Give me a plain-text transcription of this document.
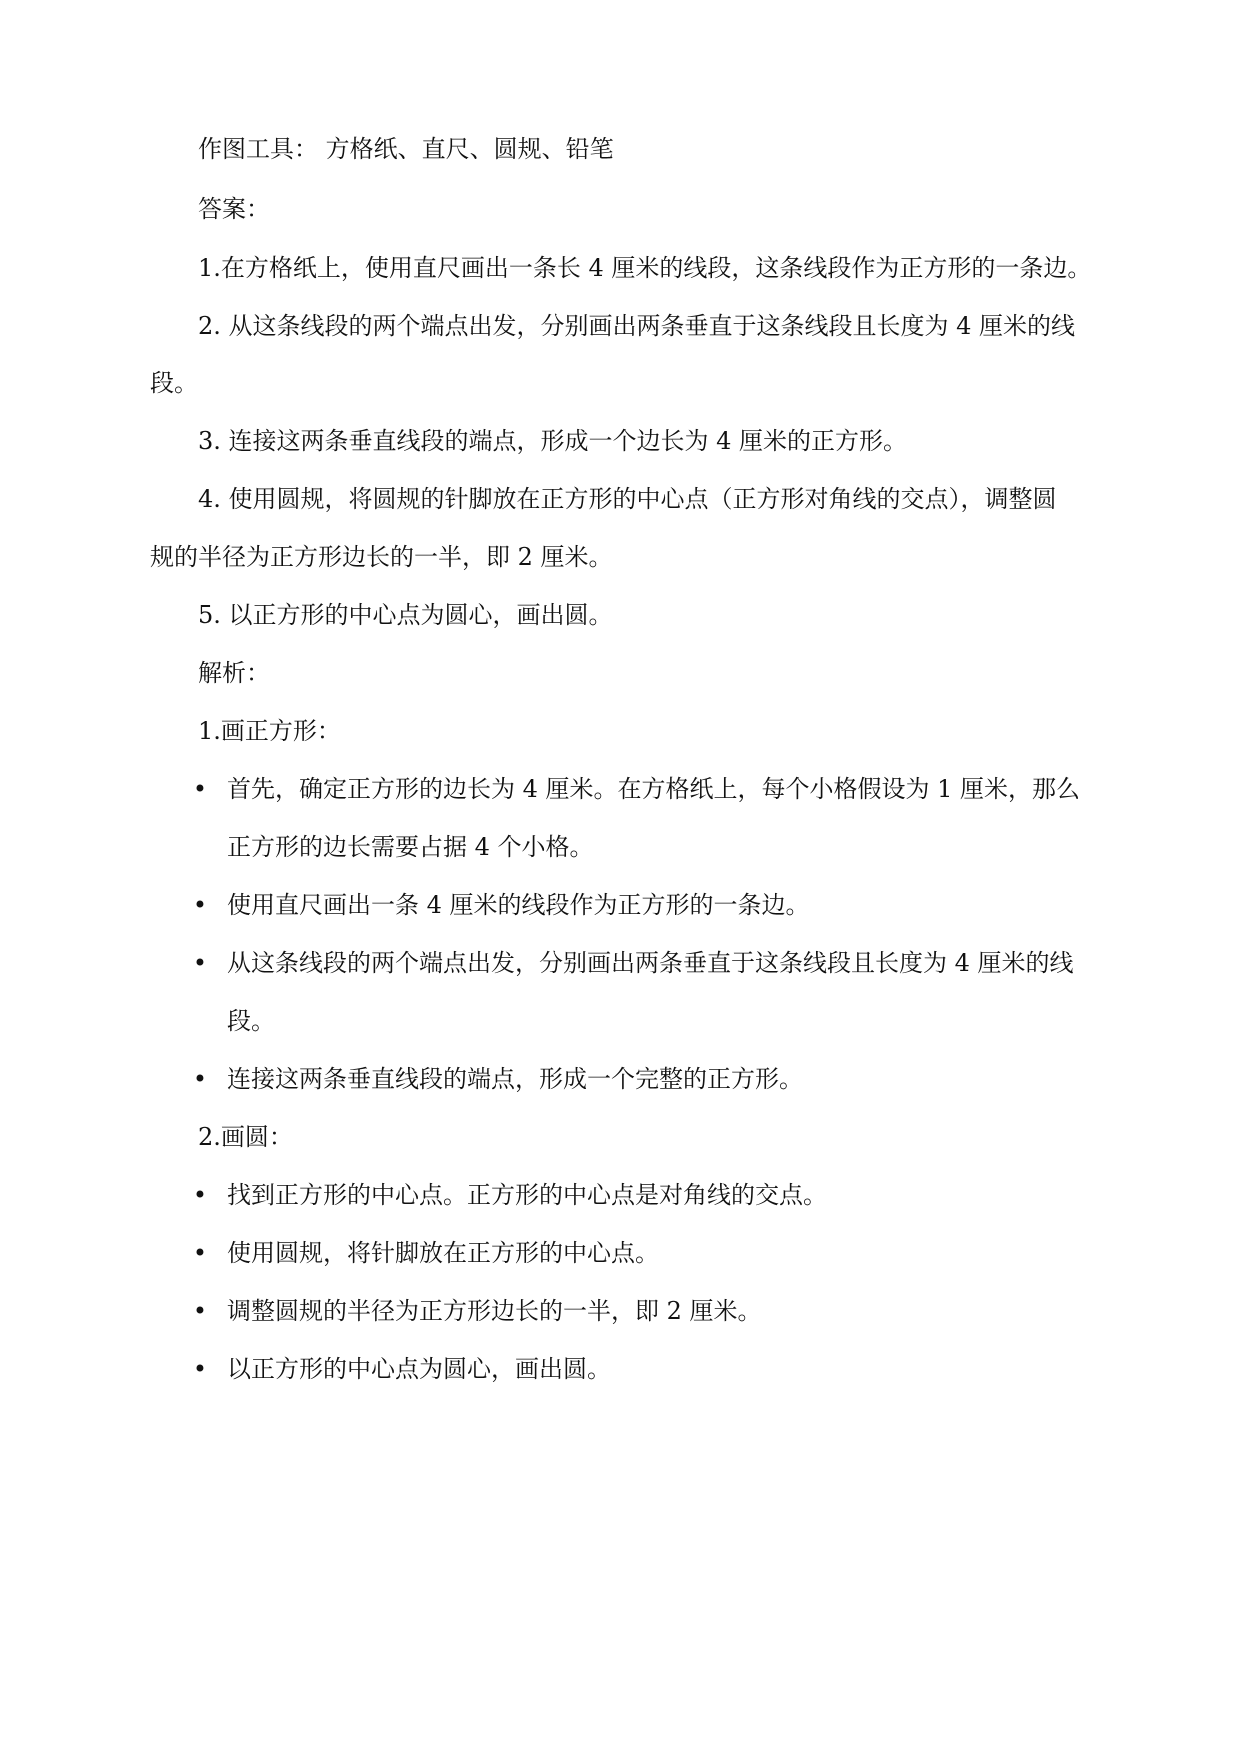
作图工具： 方格纸、直尺、圆规、铅笔
答案：
1.在方格纸上，使用直尺画出一条长 4 厘米的线段，这条线段作为正方形的一条边。
2. 从这条线段的两个端点出发，分别画出两条垂直于这条线段且长度为 4 厘米的线
段。
3. 连接这两条垂直线段的端点，形成一个边长为 4 厘米的正方形。
4. 使用圆规，将圆规的针脚放在正方形的中心点（正方形对角线的交点），调整圆
规的半径为正方形边长的一半，即 2 厘米。
5. 以正方形的中心点为圆心，画出圆。
解析：
1.画正方形：
• 首先，确定正方形的边长为 4 厘米。在方格纸上，每个小格假设为 1 厘米，那么
正方形的边长需要占据 4 个小格。
• 使用直尺画出一条 4 厘米的线段作为正方形的一条边。
• 从这条线段的两个端点出发，分别画出两条垂直于这条线段且长度为 4 厘米的线
段。
• 连接这两条垂直线段的端点，形成一个完整的正方形。
2.画圆：
• 找到正方形的中心点。正方形的中心点是对角线的交点。
• 使用圆规，将针脚放在正方形的中心点。
• 调整圆规的半径为正方形边长的一半，即 2 厘米。
• 以正方形的中心点为圆心，画出圆。
